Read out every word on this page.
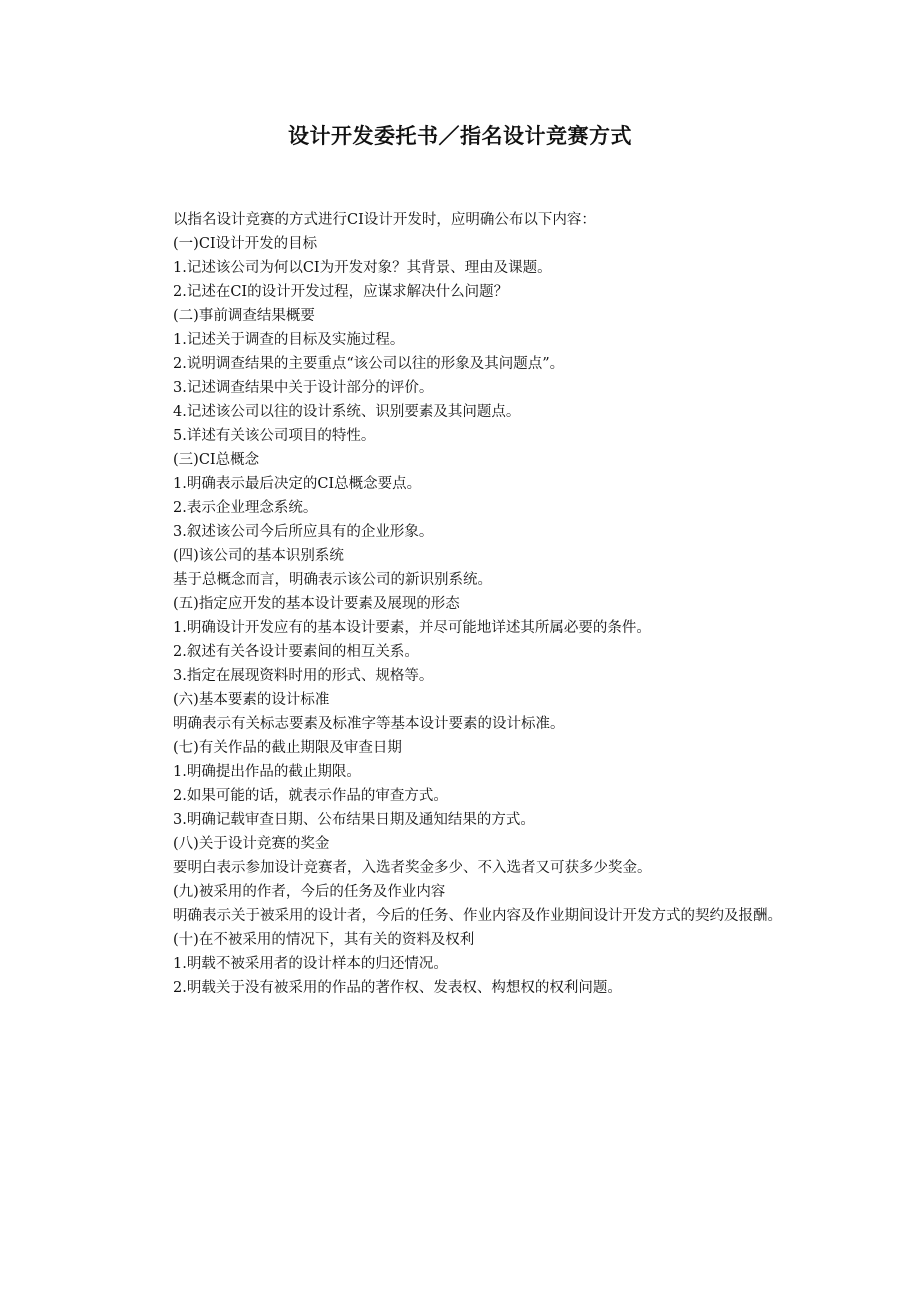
设计开发委托书／指名设计竞赛方式

以指名设计竞赛的方式进行CI设计开发时，应明确公布以下内容：

(一)CI设计开发的目标

1.记述该公司为何以CI为开发对象？其背景、理由及课题。

2.记述在CI的设计开发过程，应谋求解决什么问题？

(二)事前调查结果概要

1.记述关于调查的目标及实施过程。

2.说明调查结果的主要重点“该公司以往的形象及其问题点”。

3.记述调查结果中关于设计部分的评价。

4.记述该公司以往的设计系统、识别要素及其问题点。

5.详述有关该公司项目的特性。

(三)CI总概念

1.明确表示最后决定的CI总概念要点。

2.表示企业理念系统。

3.叙述该公司今后所应具有的企业形象。

(四)该公司的基本识别系统

基于总概念而言，明确表示该公司的新识别系统。

(五)指定应开发的基本设计要素及展现的形态

1.明确设计开发应有的基本设计要素，并尽可能地详述其所属必要的条件。

2.叙述有关各设计要素间的相互关系。

3.指定在展现资料时用的形式、规格等。

(六)基本要素的设计标准

明确表示有关标志要素及标准字等基本设计要素的设计标准。

(七)有关作品的截止期限及审查日期

1.明确提出作品的截止期限。

2.如果可能的话，就表示作品的审查方式。

3.明确记载审查日期、公布结果日期及通知结果的方式。

(八)关于设计竞赛的奖金

要明白表示参加设计竞赛者，入选者奖金多少、不入选者又可获多少奖金。

(九)被采用的作者，今后的任务及作业内容

明确表示关于被采用的设计者，今后的任务、作业内容及作业期间设计开发方式的契约及报酬。

(十)在不被采用的情况下，其有关的资料及权利

1.明载不被采用者的设计样本的归还情况。

2.明载关于没有被采用的作品的著作权、发表权、构想权的权利问题。
